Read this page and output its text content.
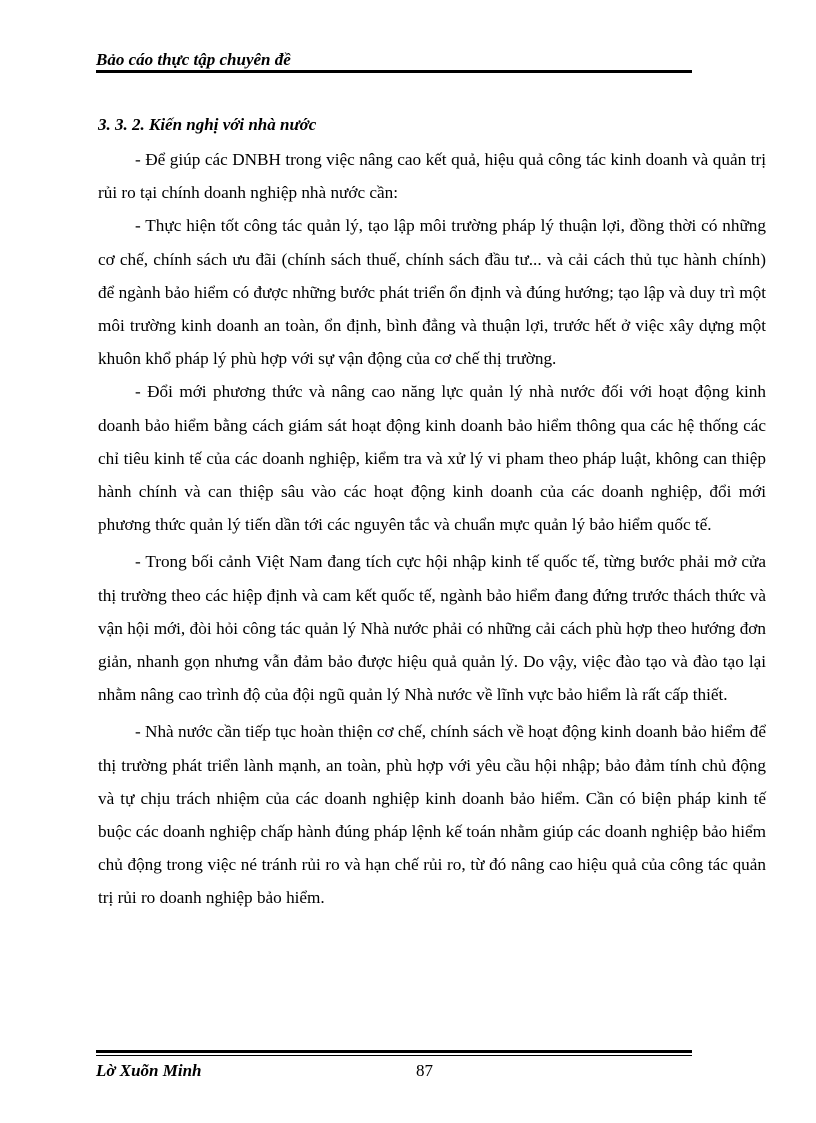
Bảo cáo thực tập chuyên đề
3. 3. 2. Kiến nghị với nhà nước

- Để giúp các DNBH trong việc nâng cao kết quả, hiệu quả công tác kinh doanh và quản trị rủi ro tại chính doanh nghiệp nhà nước cần:

- Thực hiện tốt công tác quản lý, tạo lập môi trường pháp lý thuận lợi, đồng thời có những cơ chế, chính sách ưu đãi (chính sách thuế, chính sách đầu tư... và cải cách thủ tục hành chính) để ngành bảo hiểm có được những bước phát triển ổn định và đúng hướng; tạo lập và duy trì một môi trường kinh doanh an toàn, ổn định, bình đẳng và thuận lợi, trước hết ở việc xây dựng một khuôn khổ pháp lý phù hợp với sự vận động của cơ chế thị trường.

- Đổi mới phương thức và nâng cao năng lực quản lý nhà nước đối với hoạt động kinh doanh bảo hiểm bằng cách giám sát hoạt động kinh doanh bảo hiểm thông qua các hệ thống các chỉ tiêu kinh tế của các doanh nghiệp, kiểm tra và xử lý vi pham theo pháp luật, không can thiệp hành chính và can thiệp sâu vào các hoạt động kinh doanh của các doanh nghiệp, đổi mới phương thức quản lý tiến dần tới các nguyên tắc và chuẩn mực quản lý bảo hiểm quốc tế.

- Trong bối cảnh Việt Nam đang tích cực hội nhập kinh tế quốc tế, từng bước phải mở cửa thị trường theo các hiệp định và cam kết quốc tế, ngành bảo hiểm đang đứng trước thách thức và vận hội mới, đòi hỏi công tác quản lý Nhà nước phải có những cải cách phù hợp theo hướng đơn giản, nhanh gọn nhưng vẫn đảm bảo được hiệu quả quản lý. Do vậy, việc đào tạo và đào tạo lại nhằm nâng cao trình độ của đội ngũ quản lý Nhà nước về lĩnh vực bảo hiểm là rất cấp thiết.

- Nhà nước cần tiếp tục hoàn thiện cơ chế, chính sách về hoạt động kinh doanh bảo hiểm để thị trường phát triển lành mạnh, an toàn, phù hợp với yêu cầu hội nhập; bảo đảm tính chủ động và tự chịu trách nhiệm của các doanh nghiệp kinh doanh bảo hiểm. Cần có biện pháp kinh tế buộc các doanh nghiệp chấp hành đúng pháp lệnh kế toán nhằm giúp các doanh nghiệp bảo hiểm chủ động trong việc né tránh rủi ro và hạn chế rủi ro, từ đó nâng cao hiệu quả của công tác quản trị rủi ro doanh nghiệp bảo hiểm.

Lờ Xuõn Minh	87
